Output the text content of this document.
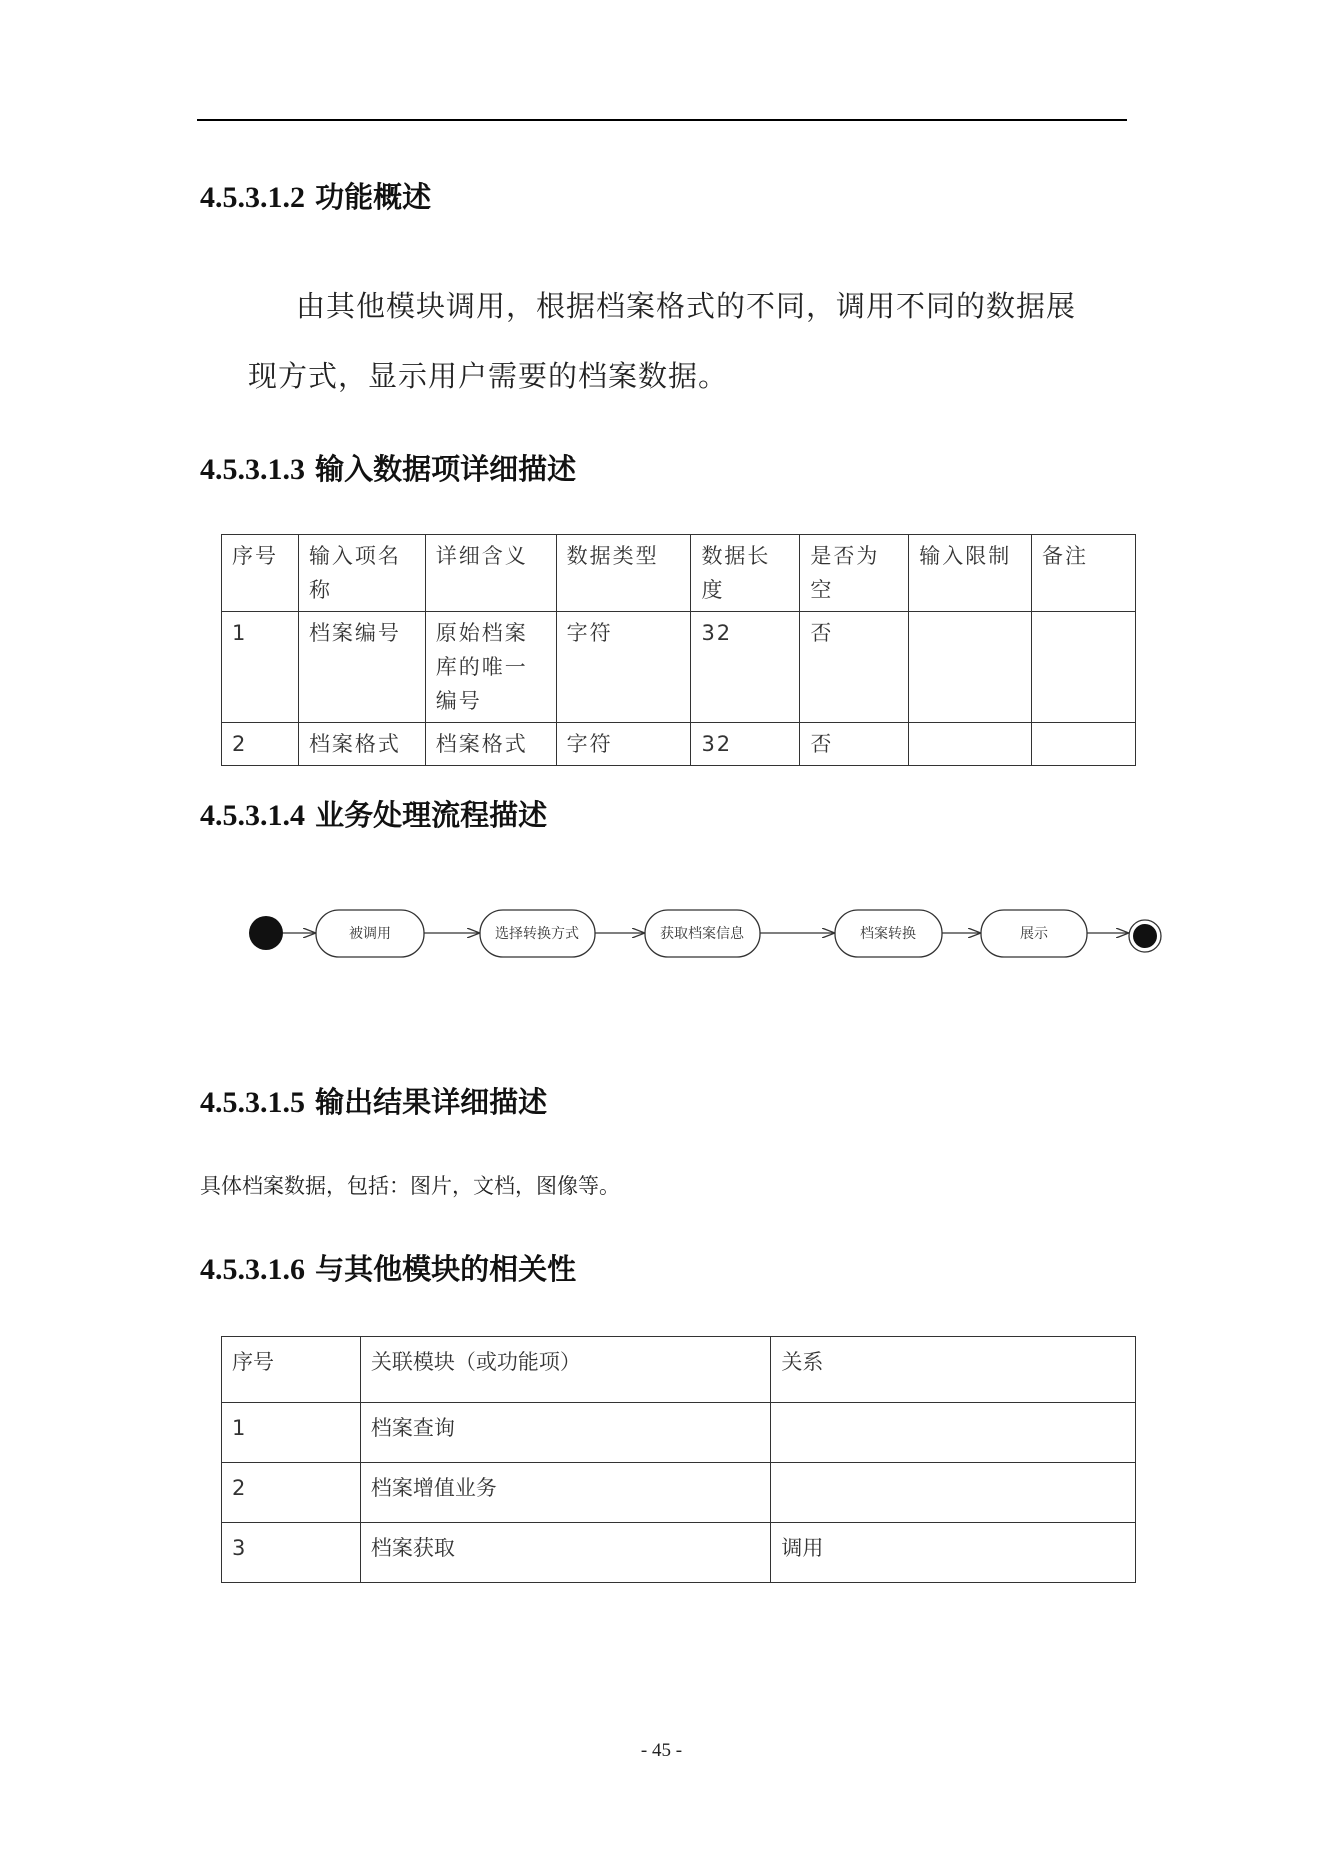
4.5.3.1.2 功能概述
由其他模块调用，根据档案格式的不同，调用不同的数据展
现方式，显示用户需要的档案数据。
4.5.3.1.3 输入数据项详细描述
序号	输入项名称	详细含义	数据类型	数据长度	是否为空	输入限制	备注
1	档案编号	原始档案库的唯一编号	字符	32	否		
2	档案格式	档案格式	字符	32	否		
4.5.3.1.4 业务处理流程描述
被调用	选择转换方式	获取档案信息	档案转换	展示
4.5.3.1.5 输出结果详细描述
具体档案数据，包括：图片，文档，图像等。
4.5.3.1.6 与其他模块的相关性
序号	关联模块（或功能项）	关系
1	档案查询	
2	档案增值业务	
3	档案获取	调用
- 45 -
